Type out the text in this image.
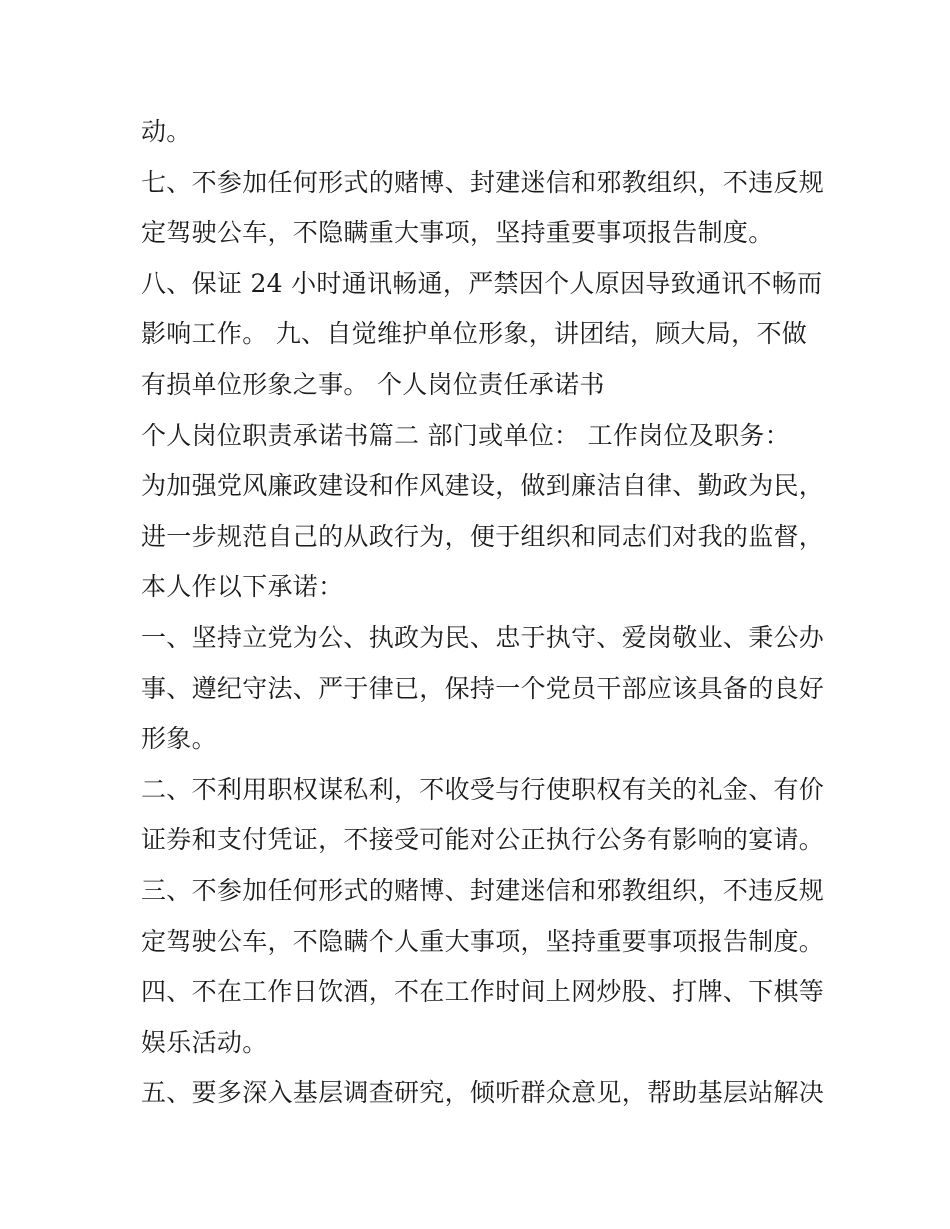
动。
七、不参加任何形式的赌博、封建迷信和邪教组织，不违反规
定驾驶公车，不隐瞒重大事项，坚持重要事项报告制度。
八、保证 24 小时通讯畅通，严禁因个人原因导致通讯不畅而
影响工作。 九、自觉维护单位形象，讲团结，顾大局，不做
有损单位形象之事。 个人岗位责任承诺书
个人岗位职责承诺书篇二 部门或单位： 工作岗位及职务：
为加强党风廉政建设和作风建设，做到廉洁自律、勤政为民，
进一步规范自己的从政行为，便于组织和同志们对我的监督，
本人作以下承诺：
一、坚持立党为公、执政为民、忠于执守、爱岗敬业、秉公办
事、遵纪守法、严于律已，保持一个党员干部应该具备的良好
形象。
二、不利用职权谋私利，不收受与行使职权有关的礼金、有价
证券和支付凭证，不接受可能对公正执行公务有影响的宴请。
三、不参加任何形式的赌博、封建迷信和邪教组织，不违反规
定驾驶公车，不隐瞒个人重大事项，坚持重要事项报告制度。
四、不在工作日饮酒，不在工作时间上网炒股、打牌、下棋等
娱乐活动。
五、要多深入基层调查研究，倾听群众意见，帮助基层站解决
